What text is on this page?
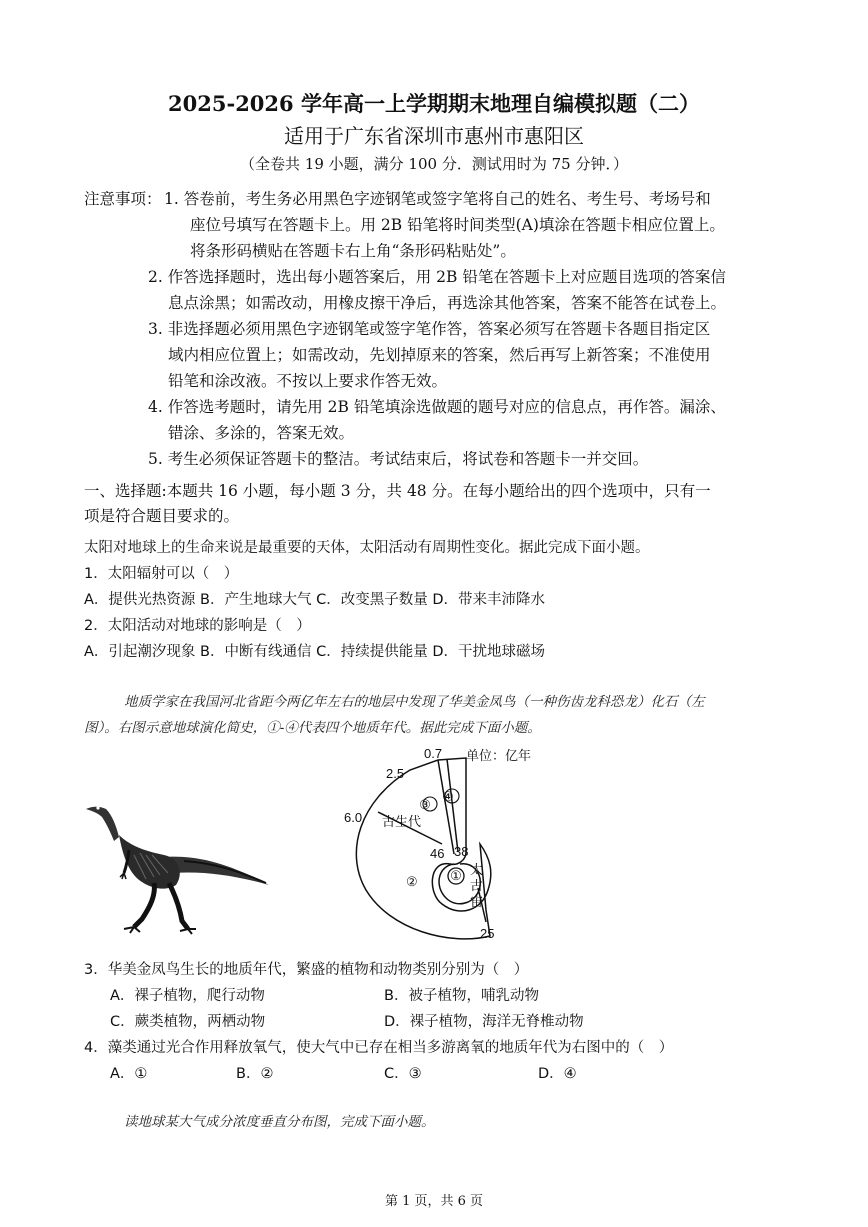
2025-2026 学年高一上学期期末地理自编模拟题（二）
适用于广东省深圳市惠州市惠阳区
（全卷共 19 小题，满分 100 分．测试用时为 75 分钟．）
注意事项： 1. 答卷前，考生务必用黑色字迹钢笔或签字笔将自己的姓名、考生号、考场号和
座位号填写在答题卡上。用 2B 铅笔将时间类型(A)填涂在答题卡相应位置上。
将条形码横贴在答题卡右上角“条形码粘贴处”。
2. 作答选择题时，选出每小题答案后，用 2B 铅笔在答题卡上对应题目选项的答案信
息点涂黑；如需改动，用橡皮擦干净后，再选涂其他答案，答案不能答在试卷上。
3. 非选择题必须用黑色字迹钢笔或签字笔作答，答案必须写在答题卡各题目指定区
域内相应位置上；如需改动，先划掉原来的答案，然后再写上新答案；不准使用
铅笔和涂改液。不按以上要求作答无效。
4. 作答选考题时，请先用 2B 铅笔填涂选做题的题号对应的信息点，再作答。漏涂、
错涂、多涂的，答案无效。
5. 考生必须保证答题卡的整洁。考试结束后，将试卷和答题卡一并交回。
一、选择题:本题共 16 小题，每小题 3 分，共 48 分。在每小题给出的四个选项中，只有一
项是符合题目要求的。
太阳对地球上的生命来说是最重要的天体，太阳活动有周期性变化。据此完成下面小题。
1．太阳辐射可以（　）
A．提供光热资源 B．产生地球大气 C．改变黑子数量 D．带来丰沛降水
2．太阳活动对地球的影响是（　）
A．引起潮汐现象 B．中断有线通信 C．持续提供能量 D．干扰地球磁场
地质学家在我国河北省距今两亿年左右的地层中发现了华美金凤鸟（一种伤齿龙科恐龙）化石（左
图）。右图示意地球演化简史，①-④代表四个地质年代。据此完成下面小题。
0.7 单位：亿年
2.5
6.0 古生代
③
④
46 38
① 太
古
宙
②
25
3．华美金凤鸟生长的地质年代，繁盛的植物和动物类别分别为（　）
A．裸子植物，爬行动物	B．被子植物，哺乳动物
C．蕨类植物，两栖动物	D．裸子植物，海洋无脊椎动物
4．藻类通过光合作用释放氧气，使大气中已存在相当多游离氧的地质年代为右图中的（　）
A．①	B．②	C．③	D．④
读地球某大气成分浓度垂直分布图，完成下面小题。
第 1 页，共 6 页
